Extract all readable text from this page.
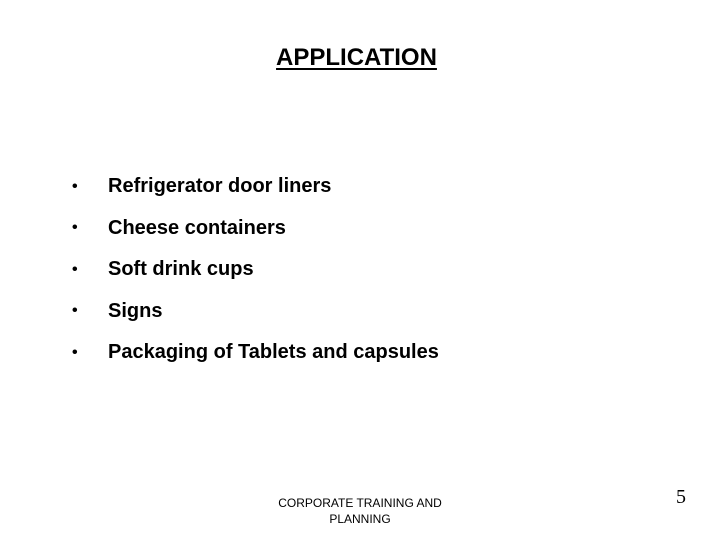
APPLICATION
•	Refrigerator door liners
•	Cheese containers
•	Soft drink cups
•	Signs
•	Packaging of Tablets and capsules
CORPORATE TRAINING AND
PLANNING
5
